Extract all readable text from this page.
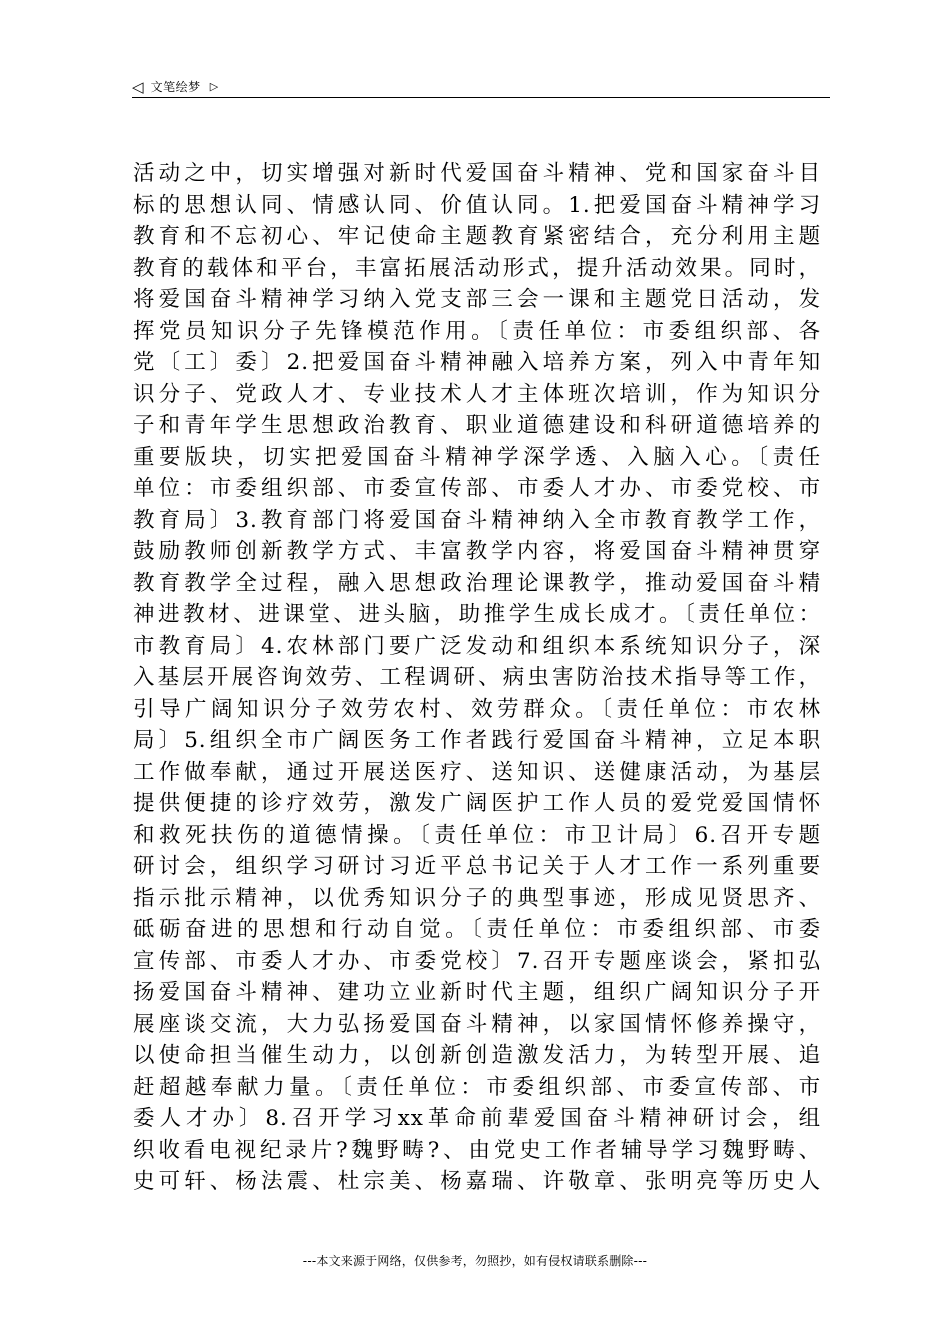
◁ 文笔绘梦 ▷
活动之中，切实增强对新时代爱国奋斗精神、党和国家奋斗目
标的思想认同、情感认同、价值认同。1.把爱国奋斗精神学习
教育和不忘初心、牢记使命主题教育紧密结合，充分利用主题
教育的载体和平台，丰富拓展活动形式，提升活动效果。同时，
将爱国奋斗精神学习纳入党支部三会一课和主题党日活动，发
挥党员知识分子先锋模范作用。〔责任单位：市委组织部、各
党〔工〕委〕2.把爱国奋斗精神融入培养方案，列入中青年知
识分子、党政人才、专业技术人才主体班次培训，作为知识分
子和青年学生思想政治教育、职业道德建设和科研道德培养的
重要版块，切实把爱国奋斗精神学深学透、入脑入心。〔责任
单位：市委组织部、市委宣传部、市委人才办、市委党校、市
教育局〕3.教育部门将爱国奋斗精神纳入全市教育教学工作，
鼓励教师创新教学方式、丰富教学内容，将爱国奋斗精神贯穿
教育教学全过程，融入思想政治理论课教学，推动爱国奋斗精
神进教材、进课堂、进头脑，助推学生成长成才。〔责任单位：
市教育局〕4.农林部门要广泛发动和组织本系统知识分子，深
入基层开展咨询效劳、工程调研、病虫害防治技术指导等工作，
引导广阔知识分子效劳农村、效劳群众。〔责任单位：市农林
局〕5.组织全市广阔医务工作者践行爱国奋斗精神，立足本职
工作做奉献，通过开展送医疗、送知识、送健康活动，为基层
提供便捷的诊疗效劳，激发广阔医护工作人员的爱党爱国情怀
和救死扶伤的道德情操。〔责任单位：市卫计局〕6.召开专题
研讨会，组织学习研讨习近平总书记关于人才工作一系列重要
指示批示精神，以优秀知识分子的典型事迹，形成见贤思齐、
砥砺奋进的思想和行动自觉。〔责任单位：市委组织部、市委
宣传部、市委人才办、市委党校〕7.召开专题座谈会，紧扣弘
扬爱国奋斗精神、建功立业新时代主题，组织广阔知识分子开
展座谈交流，大力弘扬爱国奋斗精神，以家国情怀修养操守，
以使命担当催生动力，以创新创造激发活力，为转型开展、追
赶超越奉献力量。〔责任单位：市委组织部、市委宣传部、市
委人才办〕8.召开学习xx革命前辈爱国奋斗精神研讨会，组
织收看电视纪录片?魏野畴?、由党史工作者辅导学习魏野畴、
史可轩、杨法震、杜宗美、杨嘉瑞、许敬章、张明亮等历史人
---本文来源于网络，仅供参考，勿照抄，如有侵权请联系删除---
